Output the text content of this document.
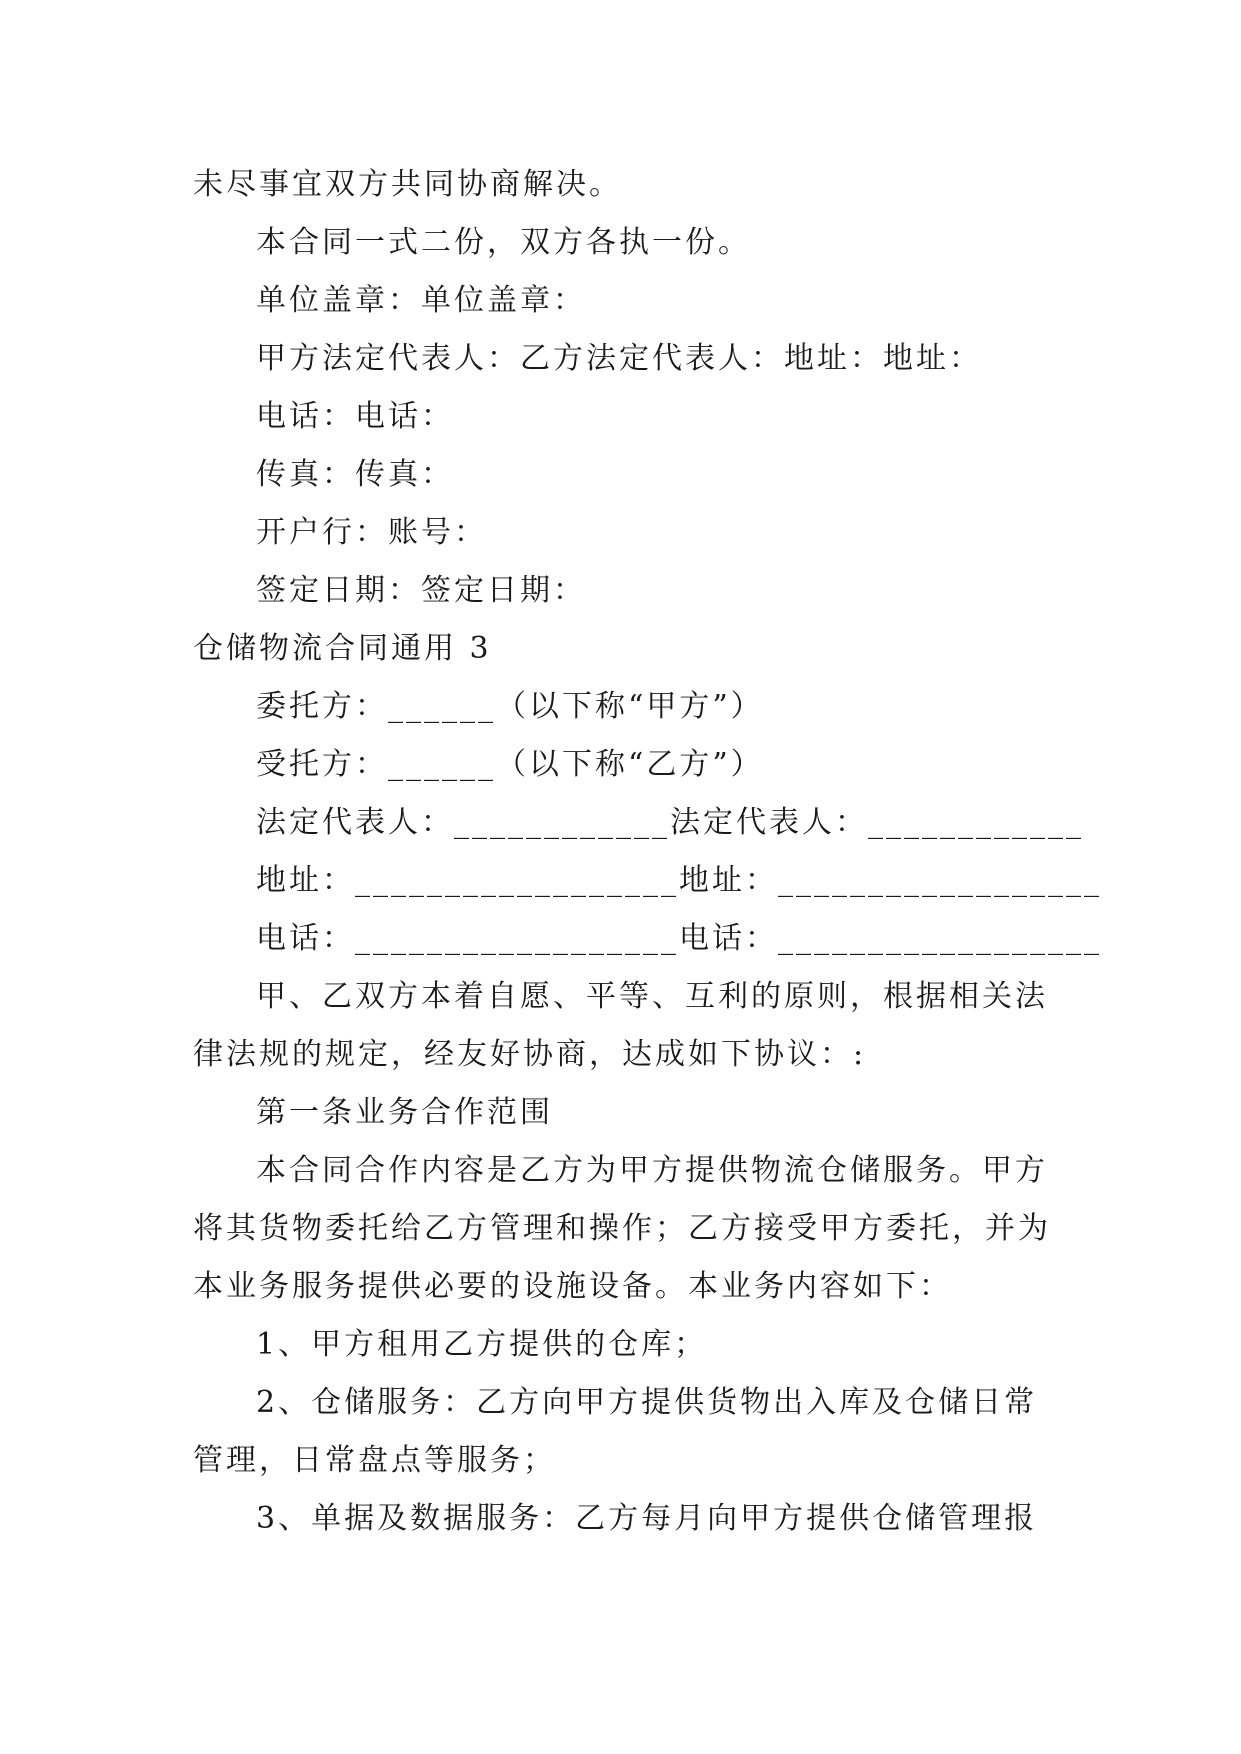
未尽事宜双方共同协商解决。
本合同一式二份，双方各执一份。
单位盖章：单位盖章：
甲方法定代表人：乙方法定代表人：地址：地址：
电话：电话：
传真：传真：
开户行：账号：
签定日期：签定日期：
仓储物流合同通用 3
委托方：______（以下称“甲方”）
受托方：______（以下称“乙方”）
法定代表人：____________法定代表人：____________
地址：__________________地址：__________________
电话：__________________电话：__________________
甲、乙双方本着自愿、平等、互利的原则，根据相关法
律法规的规定，经友好协商，达成如下协议：:
第一条业务合作范围
本合同合作内容是乙方为甲方提供物流仓储服务。甲方
将其货物委托给乙方管理和操作；乙方接受甲方委托，并为
本业务服务提供必要的设施设备。本业务内容如下：
1、甲方租用乙方提供的仓库；
2、仓储服务：乙方向甲方提供货物出入库及仓储日常
管理，日常盘点等服务；
3、单据及数据服务：乙方每月向甲方提供仓储管理报
